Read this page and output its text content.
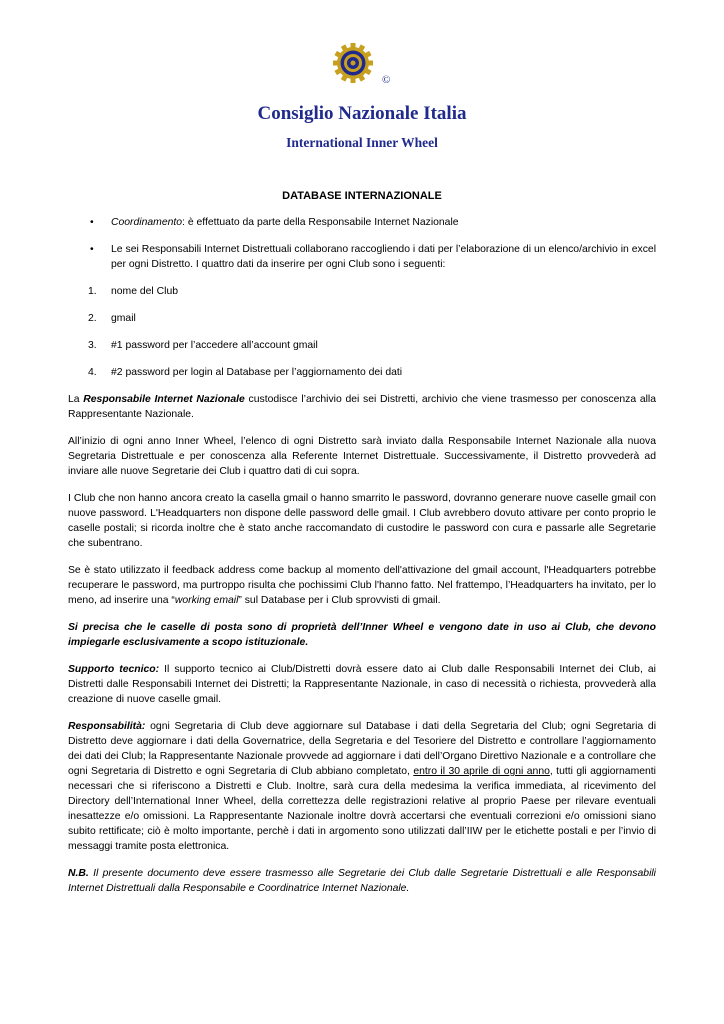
©
Consiglio Nazionale Italia
International Inner Wheel
DATABASE INTERNAZIONALE
• Coordinamento: è effettuato da parte della Responsabile Internet Nazionale
• Le sei Responsabili Internet Distrettuali collaborano raccogliendo i dati per l’elaborazione di un elenco/archivio in excel per ogni Distretto. I quattro dati da inserire per ogni Club sono i seguenti:
1. nome del Club
2. gmail
3. #1 password per l’accedere all’account gmail
4. #2 password per login al Database per l’aggiornamento dei dati

La Responsabile Internet Nazionale custodisce l’archivio dei sei Distretti, archivio che viene trasmesso per conoscenza alla Rappresentante Nazionale.

All’inizio di ogni anno Inner Wheel, l’elenco di ogni Distretto sarà inviato dalla Responsabile Internet Nazionale alla nuova Segretaria Distrettuale e per conoscenza alla Referente Internet Distrettuale. Successivamente, il Distretto provvederà ad inviare alle nuove Segretarie dei Club i quattro dati di cui sopra.

I Club che non hanno ancora creato la casella gmail o hanno smarrito le password, dovranno generare nuove caselle gmail con nuove password. L'Headquarters non dispone delle password delle gmail. I Club avrebbero dovuto attivare per conto proprio le caselle postali; si ricorda inoltre che è stato anche raccomandato di custodire le password con cura e passarle alle Segretarie che subentrano.

Se è stato utilizzato il feedback address come backup al momento dell'attivazione del gmail account, l'Headquarters potrebbe recuperare le password, ma purtroppo risulta che pochissimi Club l'hanno fatto. Nel frattempo, l’Headquarters ha invitato, per lo meno, ad inserire una “working email” sul Database per i Club sprovvisti di gmail.

Si precisa che le caselle di posta sono di proprietà dell’Inner Wheel e vengono date in uso ai Club, che devono impiegarle esclusivamente a scopo istituzionale.

Supporto tecnico: Il supporto tecnico ai Club/Distretti dovrà essere dato ai Club dalle Responsabili Internet dei Club, ai Distretti dalle Responsabili Internet dei Distretti; la Rappresentante Nazionale, in caso di necessità o richiesta, provvederà alla creazione di nuove caselle gmail.

Responsabilità: ogni Segretaria di Club deve aggiornare sul Database i dati della Segretaria del Club; ogni Segretaria di Distretto deve aggiornare i dati della Governatrice, della Segretaria e del Tesoriere del Distretto e controllare l’aggiornamento dei dati dei Club; la Rappresentante Nazionale provvede ad aggiornare i dati dell’Organo Direttivo Nazionale e a controllare che ogni Segretaria di Distretto e ogni Segretaria di Club abbiano completato, entro il 30 aprile di ogni anno, tutti gli aggiornamenti necessari che si riferiscono a Distretti e Club. Inoltre, sarà cura della medesima la verifica immediata, al ricevimento del Directory dell’International Inner Wheel, della correttezza delle registrazioni relative al proprio Paese per rilevare eventuali inesattezze e/o omissioni. La Rappresentante Nazionale inoltre dovrà accertarsi che eventuali correzioni e/o omissioni siano subito rettificate; ciò è molto importante, perchè i dati in argomento sono utilizzati dall’IIW per le etichette postali e per l’invio di messaggi tramite posta elettronica.

N.B. Il presente documento deve essere trasmesso alle Segretarie dei Club dalle Segretarie Distrettuali e alle Responsabili Internet Distrettuali dalla Responsabile e Coordinatrice Internet Nazionale.
